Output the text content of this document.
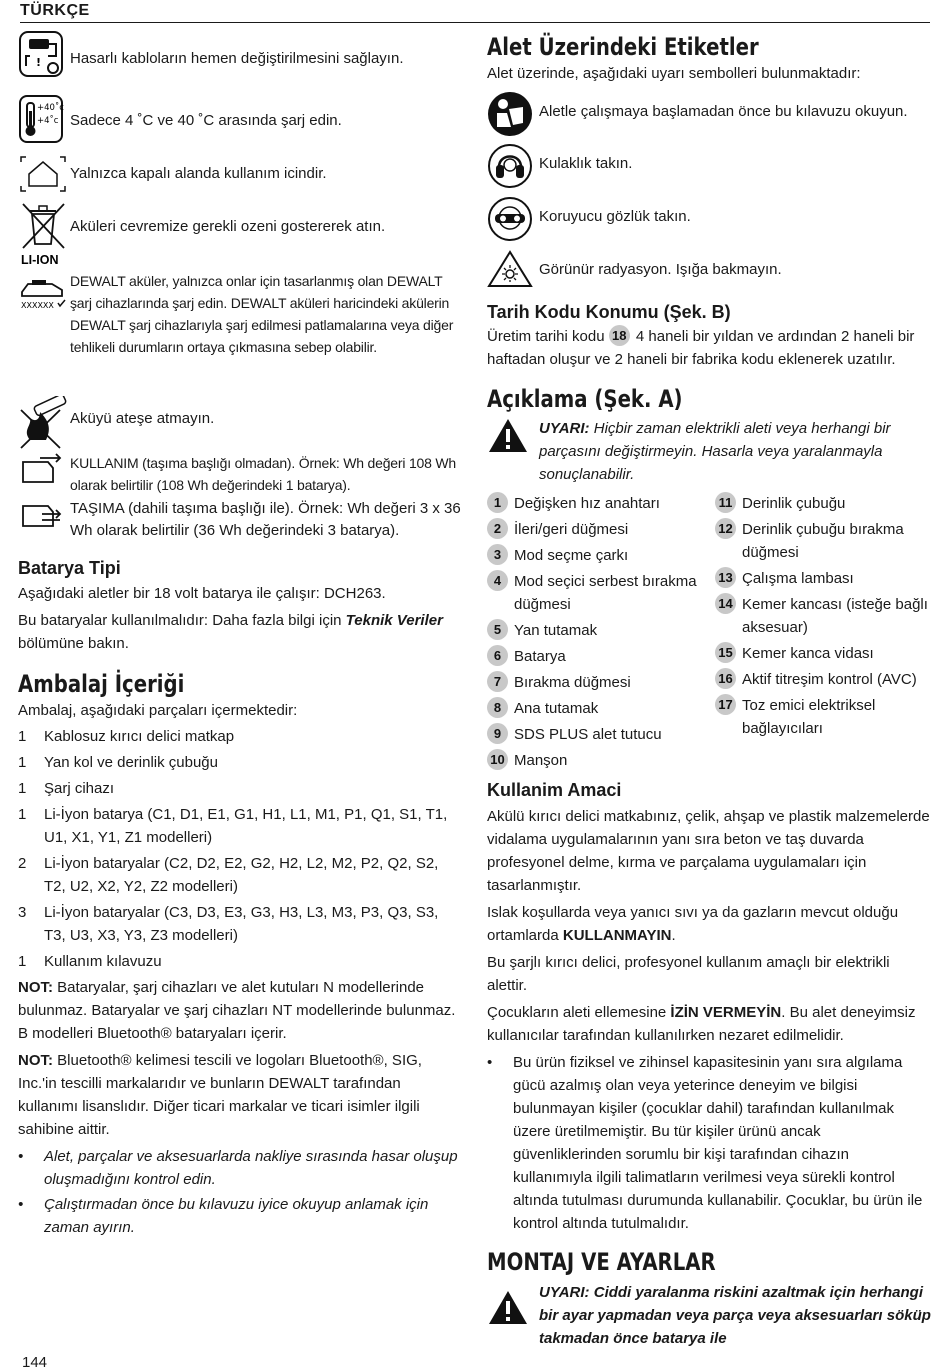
TÜRKÇE
! Hasarlı kabloların hemen değiştirilmesini sağlayın.
+40˚c
+4˚c Sadece 4 ˚C ve 40 ˚C arasında şarj edin.
Yalnızca kapalı alanda kullanım icindir.
LI-ION
Aküleri cevremize gerekli ozeni gostererek atın.
XXXXXX
DEWALT aküler, yalnızca onlar için tasarlanmış olan DEWALT şarj cihazlarında şarj edin. DEWALT aküleri haricindeki akülerin DEWALT şarj cihazlarıyla şarj edilmesi patlamalarına veya diğer tehlikeli durumların ortaya çıkmasına sebep olabilir.
Aküyü ateşe atmayın.
KULLANIM (taşıma başlığı olmadan). Örnek: Wh değeri 108 Wh olarak belirtilir (108 Wh değerindeki 1 batarya).
TAŞIMA (dahili taşıma başlığı ile). Örnek: Wh değeri 3 x 36 Wh olarak belirtilir (36 Wh değerindeki 3 batarya).
Batarya Tipi

Aşağıdaki aletler bir 18 volt batarya ile çalışır: DCH263.

Bu bataryalar kullanılmalıdır: Daha fazla bilgi için Teknik Veriler bölümüne bakın.

Ambalaj İçeriği

Ambalaj, aşağıdaki parçaları içermektedir:

1	Kablosuz kırıcı delici matkap
1	Yan kol ve derinlik çubuğu
1	Şarj cihazı
1	Li-İyon batarya (C1, D1, E1, G1, H1, L1, M1, P1, Q1, S1, T1, U1, X1, Y1, Z1 modelleri)
2	Li-İyon bataryalar (C2, D2, E2, G2, H2, L2, M2, P2, Q2, S2, T2, U2, X2, Y2, Z2 modelleri)
3	Li-İyon bataryalar (C3, D3, E3, G3, H3, L3, M3, P3, Q3, S3, T3, U3, X3, Y3, Z3 modelleri)
1	Kullanım kılavuzu

NOT: Bataryalar, şarj cihazları ve alet kutuları N modellerinde bulunmaz. Bataryalar ve şarj cihazları NT modellerinde bulunmaz. B modelleri Bluetooth® bataryaları içerir.

NOT: Bluetooth® kelimesi tescili ve logoları Bluetooth®, SIG, Inc.'in tescilli markalarıdır ve bunların DEWALT tarafından kullanımı lisanslıdır. Diğer ticari markalar ve ticari isimler ilgili sahibine aittir.

•	Alet, parçalar ve aksesuarlarda nakliye sırasında hasar oluşup oluşmadığını kontrol edin.
•	Çalıştırmadan önce bu kılavuzu iyice okuyup anlamak için zaman ayırın.
Alet Üzerindeki Etiketler

Alet üzerinde, aşağıdaki uyarı sembolleri bulunmaktadır:

Aletle çalışmaya başlamadan önce bu kılavuzu okuyun.
Kulaklık takın.
Koruyucu gözlük takın.
Görünür radyasyon. Işığa bakmayın.
Tarih Kodu Konumu (Şek. B)

Üretim tarihi kodu 18 4 haneli bir yıldan ve ardından 2 haneli bir haftadan oluşur ve 2 haneli bir fabrika kodu eklenerek uzatılır.

Açıklama (Şek. A)

UYARI: Hiçbir zaman elektrikli aleti veya herhangi bir parçasını değiştirmeyin. Hasarla veya yaralanmayla sonuçlanabilir.

1 Değişken hız anahtarı
2 İleri/geri düğmesi
3 Mod seçme çarkı
4 Mod seçici serbest bırakma düğmesi
5 Yan tutamak
6 Batarya
7 Bırakma düğmesi
8 Ana tutamak
9 SDS PLUS alet tutucu
10 Manşon
11 Derinlik çubuğu
12 Derinlik çubuğu bırakma düğmesi
13 Çalışma lambası
14 Kemer kancası (isteğe bağlı aksesuar)
15 Kemer kanca vidası
16 Aktif titreşim kontrol (AVC)
17 Toz emici elektriksel bağlayıcıları
Kullanim Amaci

Akülü kırıcı delici matkabınız, çelik, ahşap ve plastik malzemelerde vidalama uygulamalarının yanı sıra beton ve taş duvarda profesyonel delme, kırma ve parçalama uygulamaları için tasarlanmıştır.

Islak koşullarda veya yanıcı sıvı ya da gazların mevcut olduğu ortamlarda KULLANMAYIN.

Bu şarjlı kırıcı delici, profesyonel kullanım amaçlı bir elektrikli alettir.

Çocukların aleti ellemesine İZİN VERMEYİN. Bu alet deneyimsiz kullanıcılar tarafından kullanılırken nezaret edilmelidir.

•	Bu ürün fiziksel ve zihinsel kapasitesinin yanı sıra algılama gücü azalmış olan veya yeterince deneyim ve bilgisi bulunmayan kişiler (çocuklar dahil) tarafından kullanılmak üzere üretilmemiştir. Bu tür kişiler ürünü ancak güvenliklerinden sorumlu bir kişi tarafından cihazın kullanımıyla ilgili talimatların verilmesi veya sürekli kontrol altında tutulması durumunda kullanabilir. Çocuklar, bu ürün ile kontrol altında tutulmalıdır.
MONTAJ VE AYARLAR

UYARI: Ciddi yaralanma riskini azaltmak için herhangi bir ayar yapmadan veya parça veya aksesuarları söküp takmadan önce batarya ile

144
